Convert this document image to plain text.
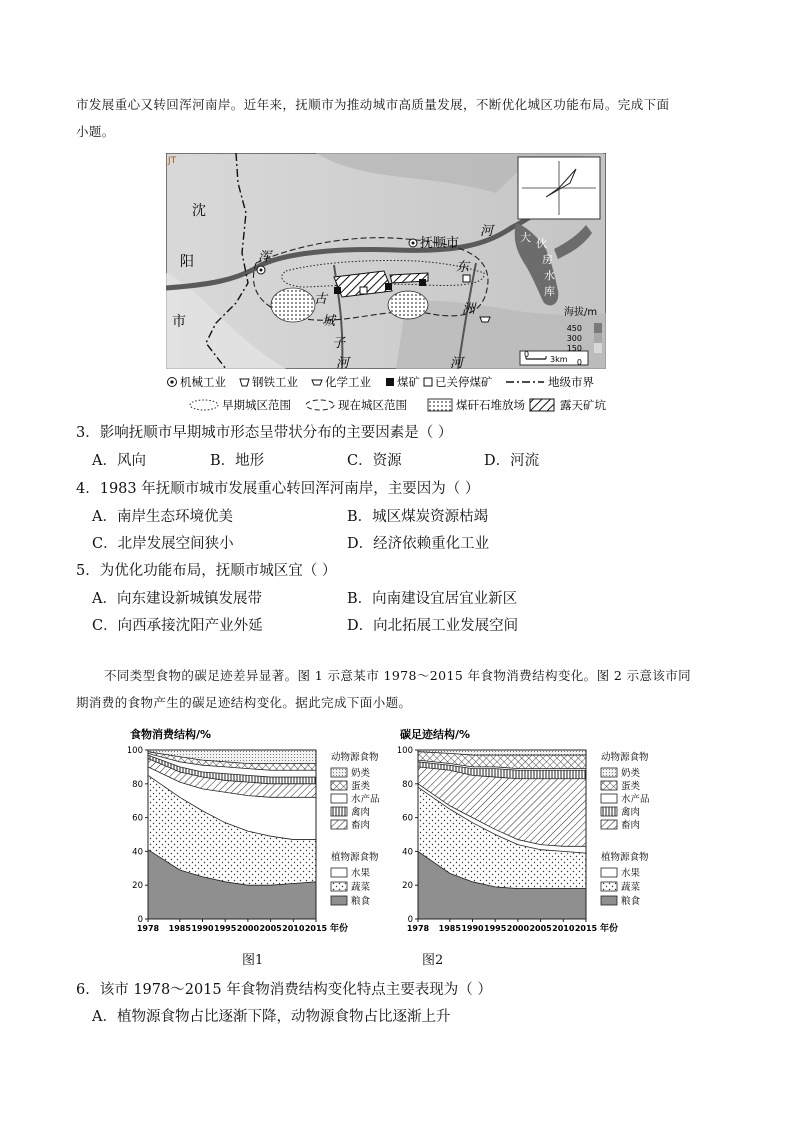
市发展重心又转回浑河南岸。近年来，抚顺市为推动城市高质量发展，不断优化城区功能布局。完成下面
小题。
JT
沈
阳
市
浑
抚顺市
河
东
洲
河
古
城
子
河
大 伙
房
水
库
海拔/m
450
300
150
0
0
3km
机械工业 钢铁工业 化学工业 煤矿 已关停煤矿	地级市界
早期城区范围	现在城区范围	煤矸石堆放场	露天矿坑
3．影响抚顺市早期城市形态呈带状分布的主要因素是（ ）
A．风向	B．地形	C．资源	D．河流
4．1983 年抚顺市城市发展重心转回浑河南岸，主要因为（ ）
A．南岸生态环境优美	B．城区煤炭资源枯竭
C．北岸发展空间狭小	D．经济依赖重化工业
5．为优化功能布局，抚顺市城区宜（ ）
A．向东建设新城镇发展带	B．向南建设宜居宜业新区
C．向西承接沈阳产业外延	D．向北拓展工业发展空间
不同类型食物的碳足迹差异显著。图 1 示意某市 1978～2015 年食物消费结构变化。图 2 示意该市同
期消费的食物产生的碳足迹结构变化。据此完成下面小题。
食物消费结构/%
0
20
40
60
80
100
1978 1985 1990 1995 2000 2005 2010 2015 年份
动物源食物
奶类
蛋类
水产品
禽肉
畜肉
植物源食物
水果
蔬菜
粮食
碳足迹结构/%
0
20
40
60
80
100
1978 1985 1990 1995 2000 2005 2010 2015 年份
动物源食物
奶类
蛋类
水产品
禽肉
畜肉
植物源食物
水果
蔬菜
粮食
图1	图2
6．该市 1978～2015 年食物消费结构变化特点主要表现为（ ）
A．植物源食物占比逐渐下降，动物源食物占比逐渐上升
